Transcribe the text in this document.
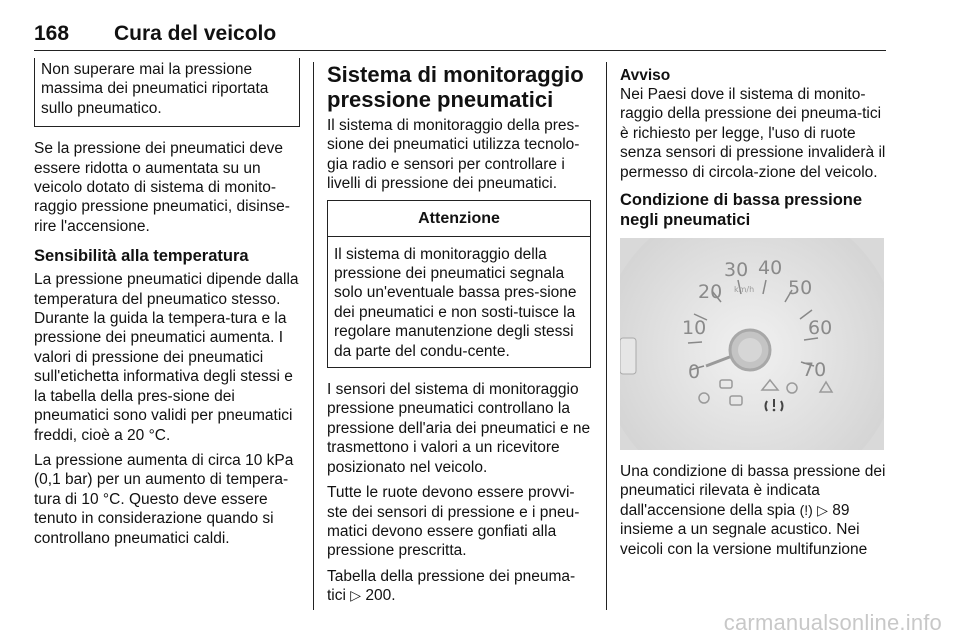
168 Cura del veicolo

Non superare mai la pressione massima dei pneumatici riportata sullo pneumatico.

Se la pressione dei pneumatici deve essere ridotta o aumentata su un veicolo dotato di sistema di monito-raggio pressione pneumatici, disinse-rire l'accensione.

Sensibilità alla temperatura

La pressione pneumatici dipende dalla temperatura del pneumatico stesso. Durante la guida la tempera-tura e la pressione dei pneumatici aumenta. I valori di pressione dei pneumatici sull'etichetta informativa degli stessi e la tabella della pres-sione dei pneumatici sono validi per pneumatici freddi, cioè a 20 °C.

La pressione aumenta di circa 10 kPa (0,1 bar) per un aumento di tempera-tura di 10 °C. Questo deve essere tenuto in considerazione quando si controllano pneumatici caldi.

Sistema di monitoraggio pressione pneumatici

Il sistema di monitoraggio della pres-sione dei pneumatici utilizza tecnolo-gia radio e sensori per controllare i livelli di pressione dei pneumatici.

Attenzione

Il sistema di monitoraggio della pressione dei pneumatici segnala solo un'eventuale bassa pres-sione dei pneumatici e non sosti-tuisce la regolare manutenzione degli stessi da parte del condu-cente.

I sensori del sistema di monitoraggio pressione pneumatici controllano la pressione dell'aria dei pneumatici e ne trasmettono i valori a un ricevitore posizionato nel veicolo.

Tutte le ruote devono essere provvi-ste dei sensori di pressione e i pneu-matici devono essere gonfiati alla pressione prescritta.

Tabella della pressione dei pneuma-tici ▷ 200.

Avviso

Nei Paesi dove il sistema di monito-raggio della pressione dei pneuma-tici è richiesto per legge, l'uso di ruote senza sensori di pressione invaliderà il permesso di circola-zione del veicolo.

Condizione di bassa pressione negli pneumatici
10
20
30 40
50
60
70
0
km/h

Una condizione di bassa pressione dei pneumatici rilevata è indicata dall'accensione della spia (!) ▷ 89 insieme a un segnale acustico. Nei veicoli con la versione multifunzione

carmanualsonline.info
